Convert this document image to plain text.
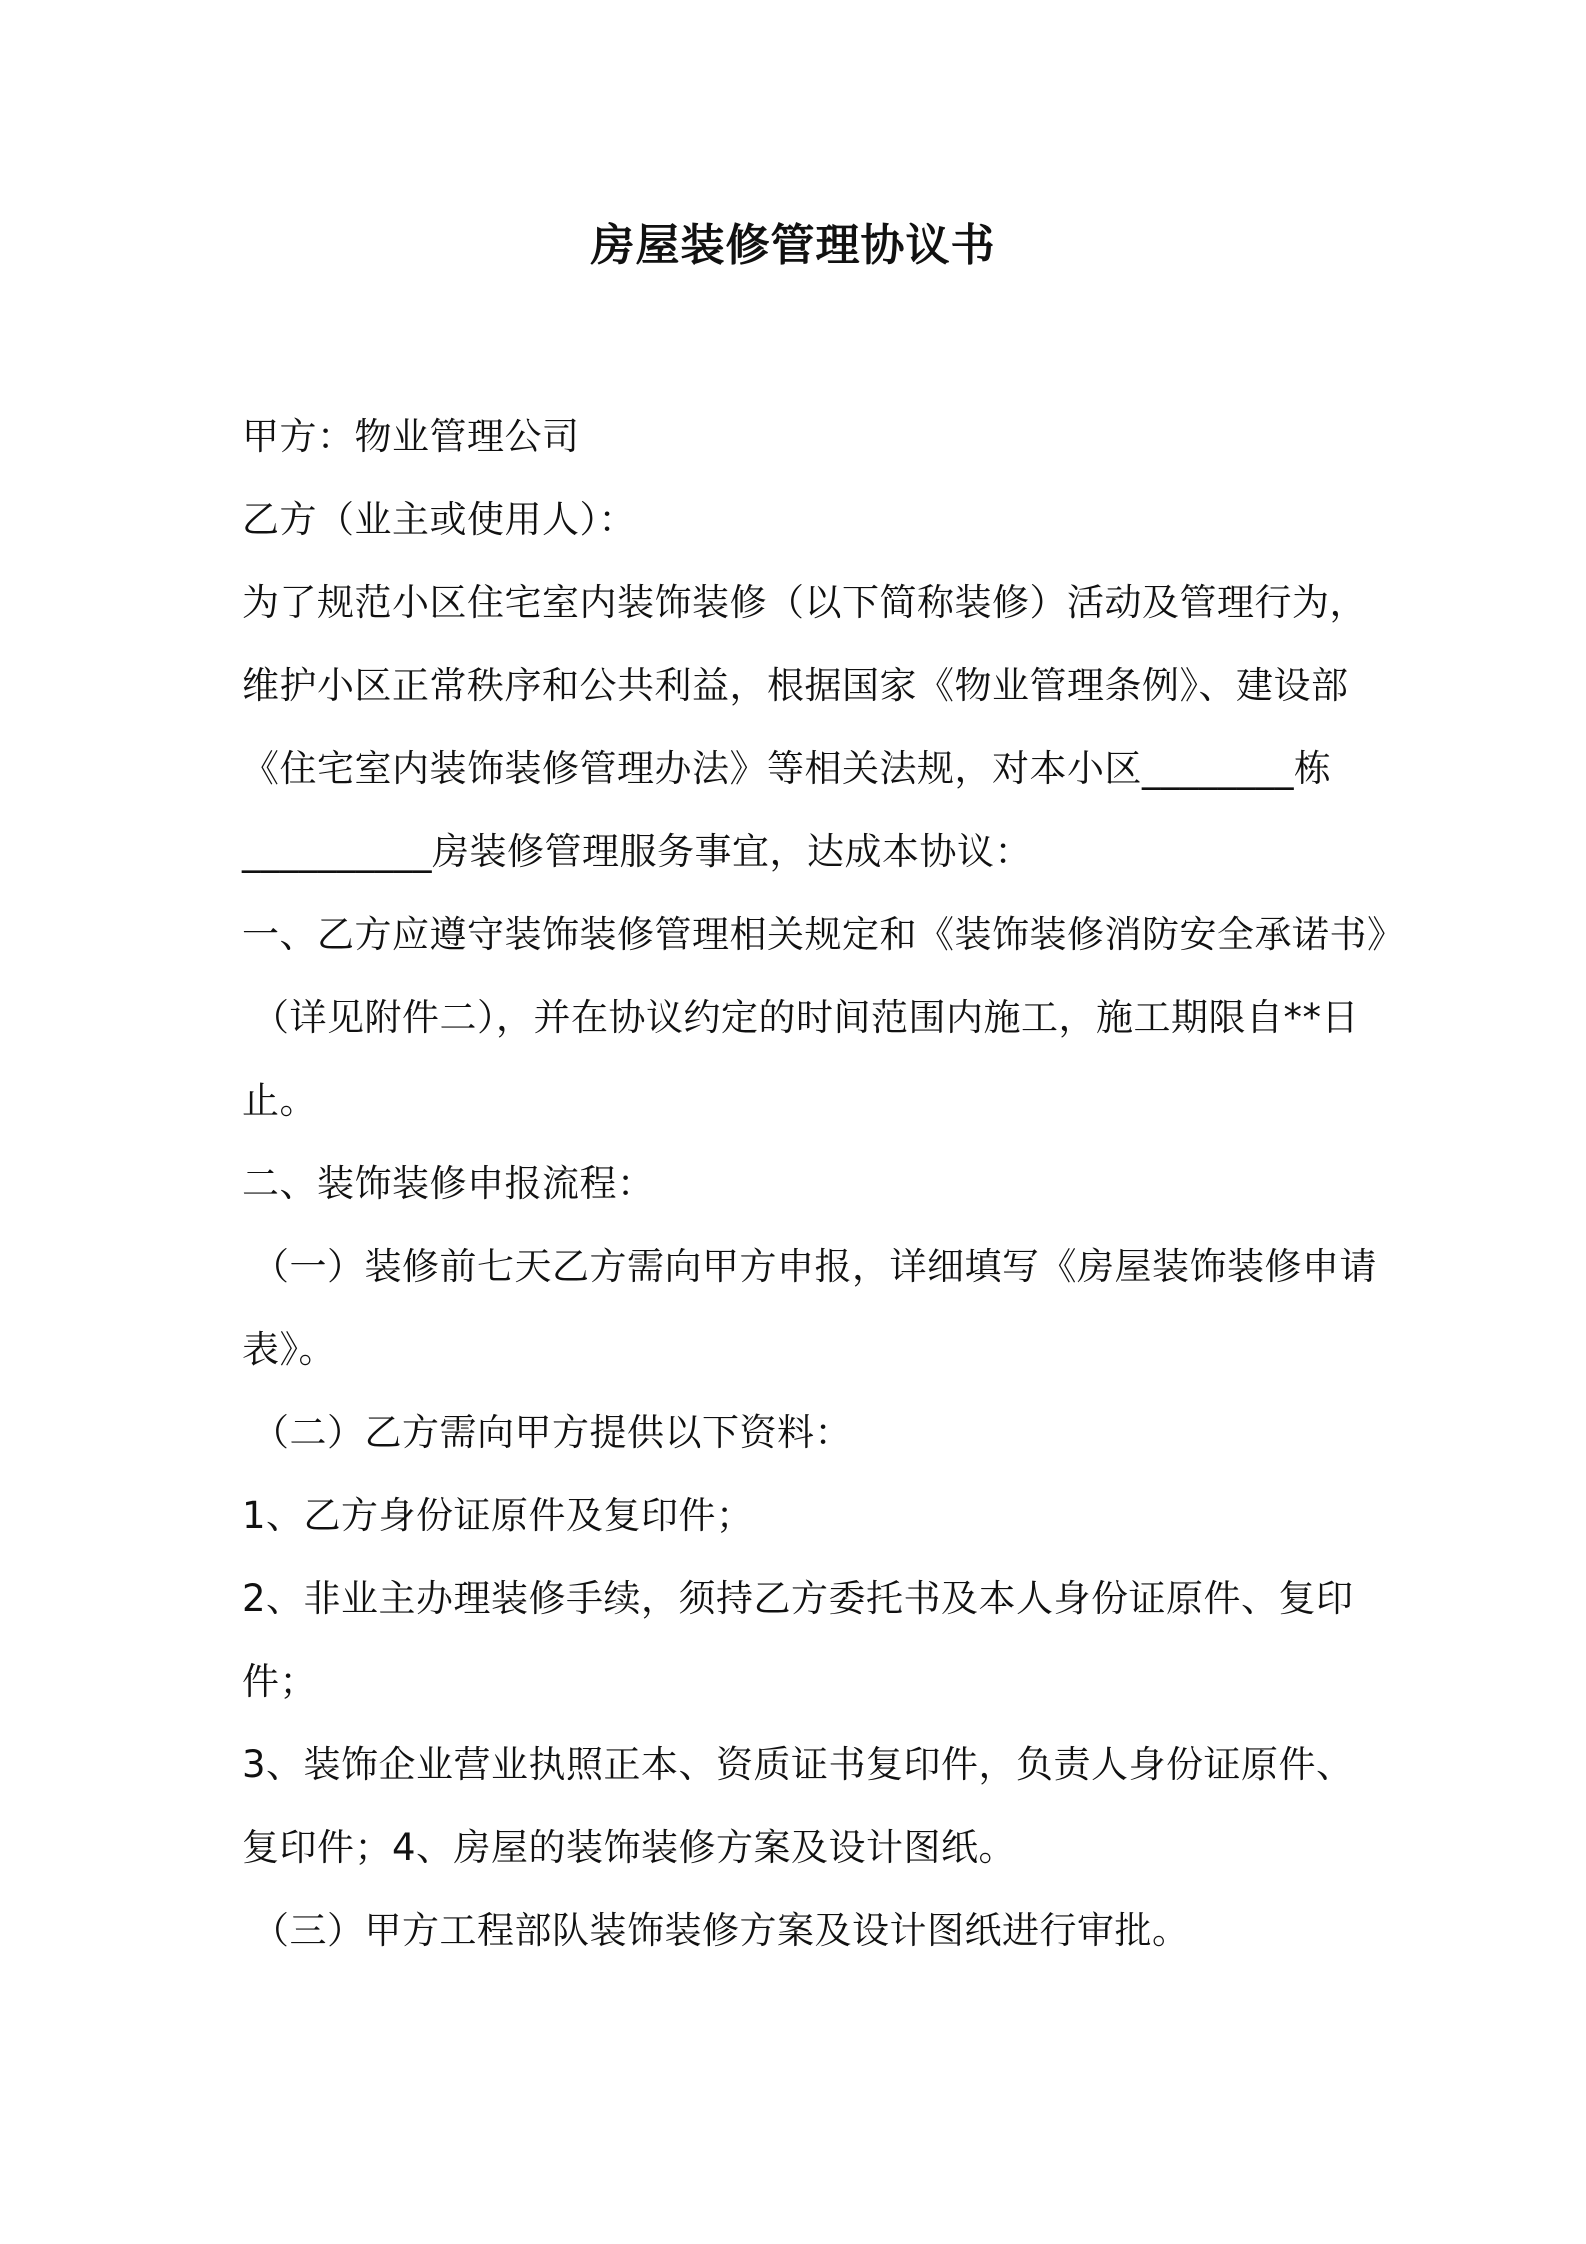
房屋装修管理协议书
甲方：物业管理公司
乙方（业主或使用人）：
为了规范小区住宅室内装饰装修（以下简称装修）活动及管理行为，
维护小区正常秩序和公共利益，根据国家《物业管理条例》、建设部
《住宅室内装饰装修管理办法》等相关法规，对本小区________栋
__________房装修管理服务事宜，达成本协议：
一、乙方应遵守装饰装修管理相关规定和《装饰装修消防安全承诺书》
（详见附件二），并在协议约定的时间范围内施工，施工期限自**日
止。
二、装饰装修申报流程：
（一）装修前七天乙方需向甲方申报，详细填写《房屋装饰装修申请
表》。
（二）乙方需向甲方提供以下资料：
1、乙方身份证原件及复印件；
2、非业主办理装修手续，须持乙方委托书及本人身份证原件、复印
件；
3、装饰企业营业执照正本、资质证书复印件，负责人身份证原件、
复印件；4、房屋的装饰装修方案及设计图纸。
（三）甲方工程部队装饰装修方案及设计图纸进行审批。
